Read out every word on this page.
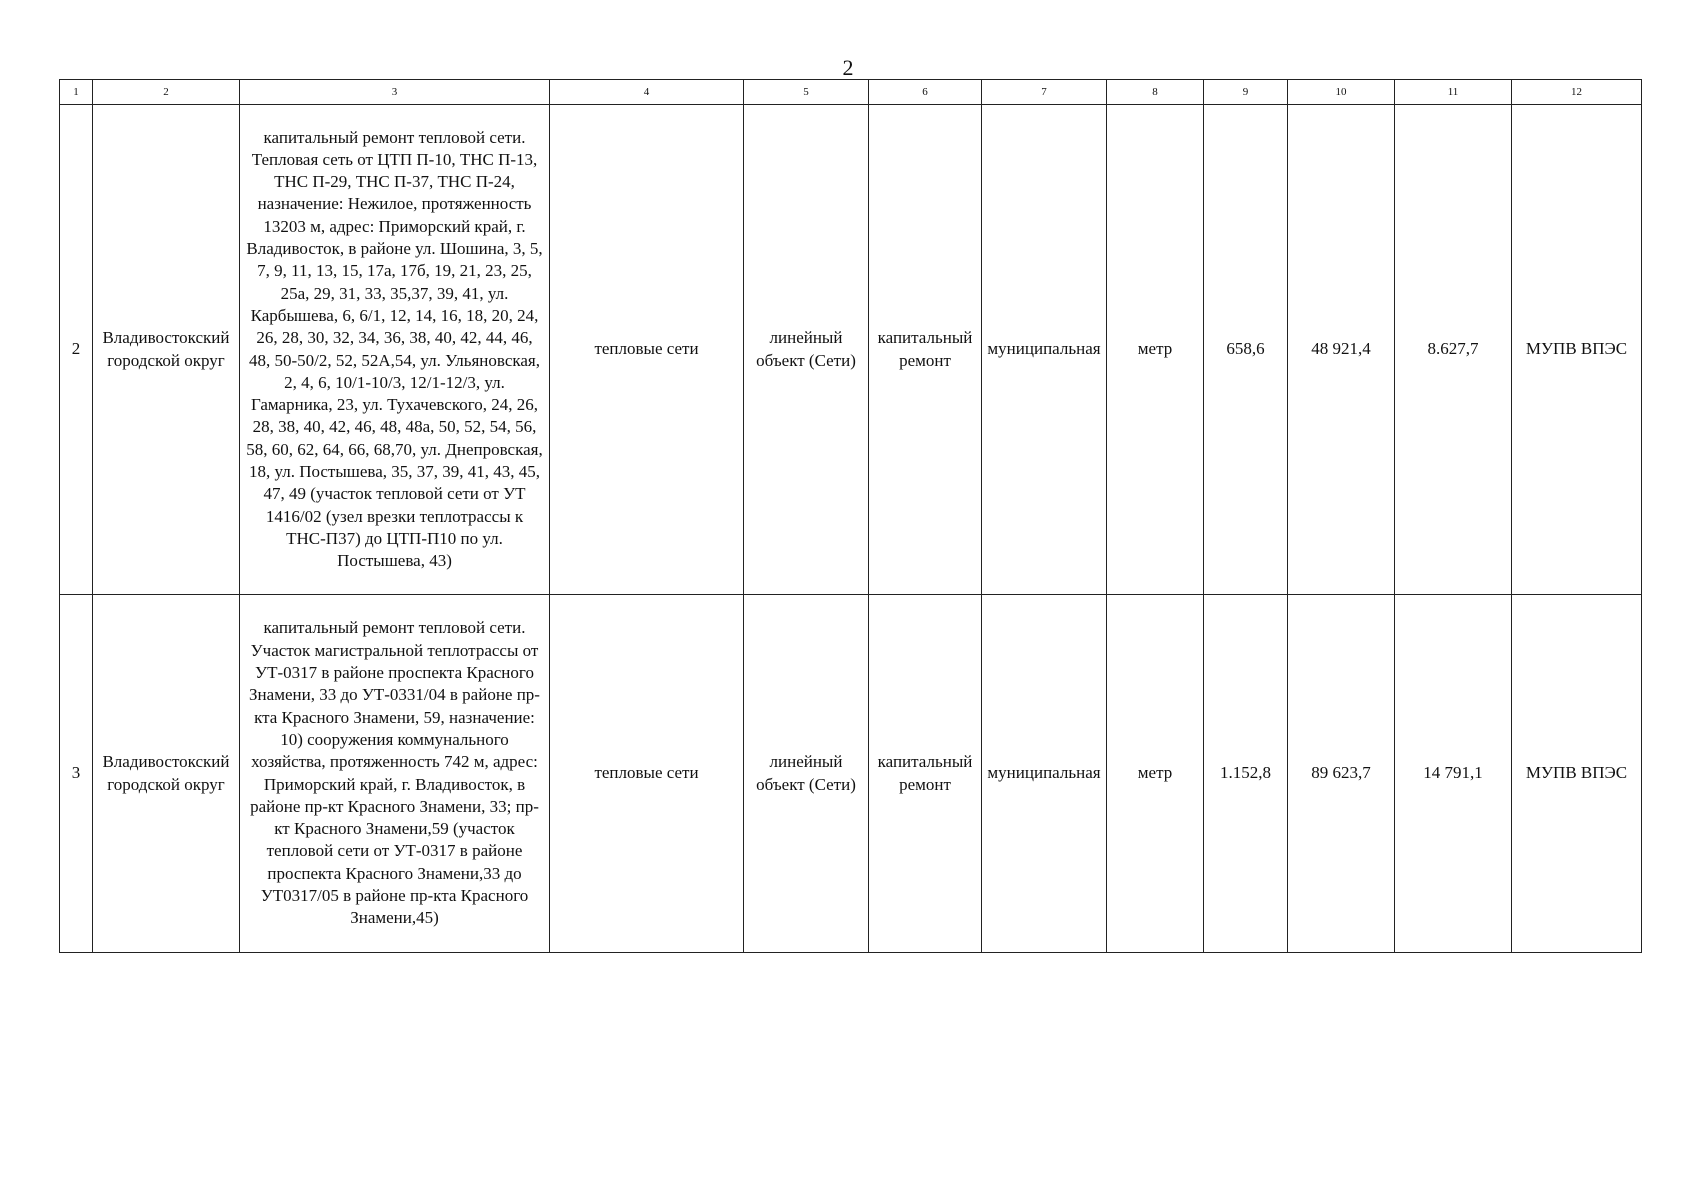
2
1	2	3	4	5	6	7	8	9	10	11	12
2	Владивостокский городской округ	капитальный ремонт тепловой сети. Тепловая сеть от ЦТП П-10, ТНС П-13, ТНС П-29, ТНС П-37, ТНС П-24, назначение: Нежилое, протяженность 13203 м, адрес: Приморский край, г. Владивосток, в районе ул. Шошина, 3, 5, 7, 9, 11, 13, 15, 17а, 17б, 19, 21, 23, 25, 25а, 29, 31, 33, 35,37, 39, 41, ул. Карбышева, 6, 6/1, 12, 14, 16, 18, 20, 24, 26, 28, 30, 32, 34, 36, 38, 40, 42, 44, 46, 48, 50-50/2, 52, 52А,54, ул. Ульяновская, 2, 4, 6, 10/1-10/3, 12/1-12/3, ул. Гамарника, 23, ул. Тухачевского, 24, 26, 28, 38, 40, 42, 46, 48, 48а, 50, 52, 54, 56, 58, 60, 62, 64, 66, 68,70, ул. Днепровская, 18, ул. Постышева, 35, 37, 39, 41, 43, 45, 47, 49 (участок тепловой сети от УТ 1416/02 (узел врезки теплотрассы к ТНС-П37) до ЦТП-П10 по ул. Постышева, 43)	тепловые сети	линейный объект (Сети)	капитальный ремонт	муниципальная	метр	658,6	48 921,4	8.627,7	МУПВ ВПЭС
3	Владивостокский городской округ	капитальный ремонт тепловой сети. Участок магистральной теплотрассы от УТ-0317 в районе проспекта Красного Знамени, 33 до УТ-0331/04 в районе пр-кта Красного Знамени, 59, назначение: 10) сооружения коммунального хозяйства, протяженность 742 м, адрес: Приморский край, г. Владивосток, в районе пр-кт Красного Знамени, 33; пр-кт Красного Знамени,59 (участок тепловой сети от УТ-0317 в районе проспекта Красного Знамени,33 до УТ0317/05 в районе пр-кта Красного Знамени,45)	тепловые сети	линейный объект (Сети)	капитальный ремонт	муниципальная	метр	1.152,8	89 623,7	14 791,1	МУПВ ВПЭС
